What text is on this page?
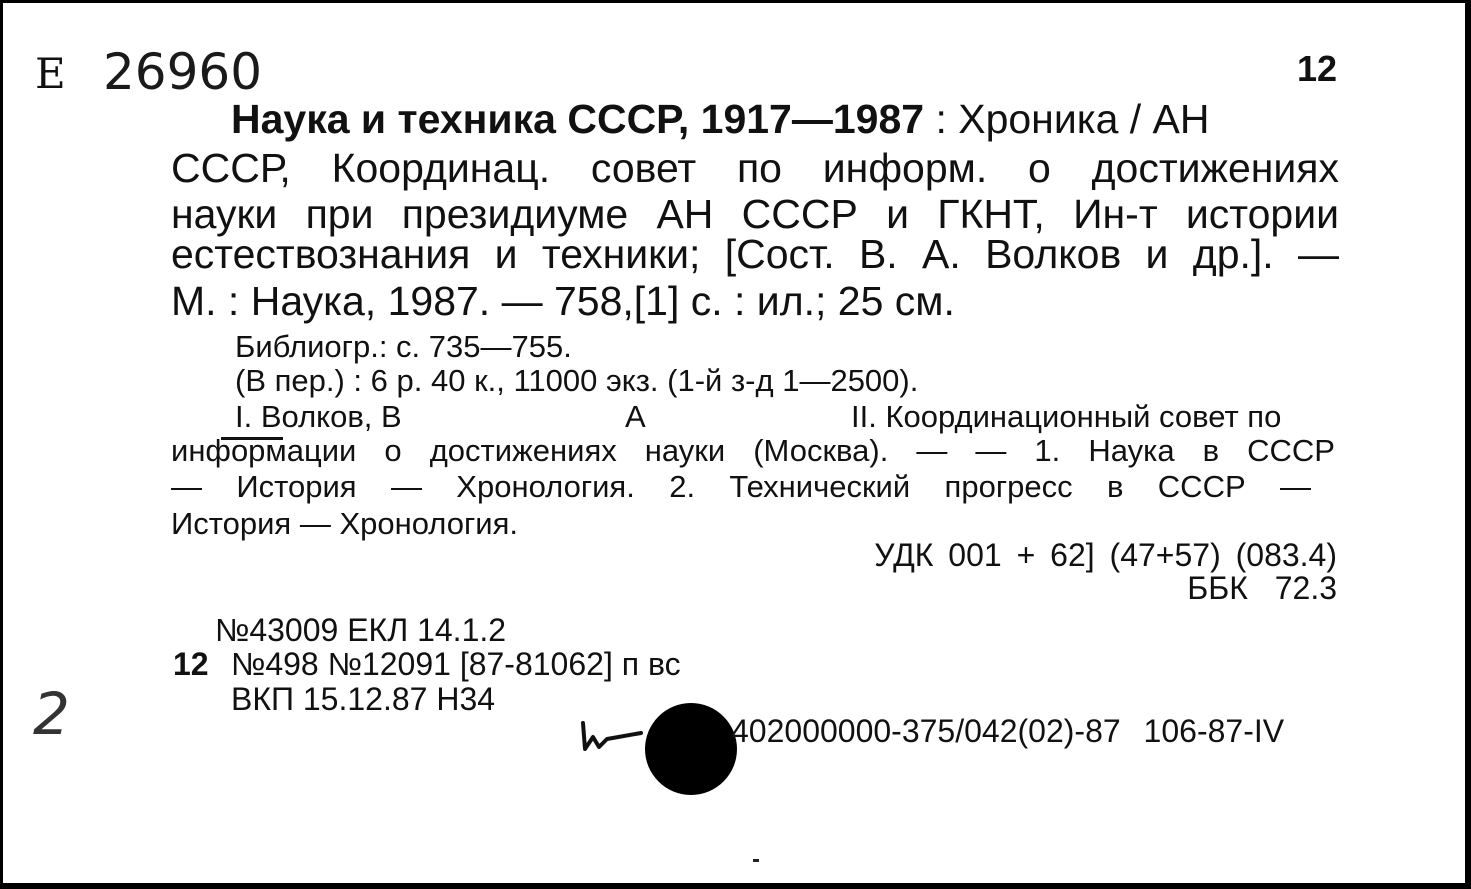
Е 26960	12
Наука и техника СССР, 1917—1987 : Хроника / АН
СССР, Координац. совет по информ. о достижениях
науки при президиуме АН СССР и ГКНТ, Ин-т истории
естествознания и техники; [Сост. В. А. Волков и др.]. —
М. : Наука, 1987. — 758,[1] с. : ил.; 25 см.
Библиогр.: с. 735—755.
(В пер.) : 6 р. 40 к., 11000 экз. (1-й з-д 1—2500).
I. Волков, В	А	II. Координационный совет по
информации о достижениях науки (Москва). — — 1. Наука в СССР
— История — Хронология. 2. Технический прогресс в СССР —
История — Хронология.
УДК 001 + 62] (47+57) (083.4)
ББК 72.3
№43009 ЕКЛ 14.1.2
12 №498 №12091 [87-81062] п вс
ВКП 15.12.87 Н34
2	402000000-375/042(02)-87 106-87-IV
